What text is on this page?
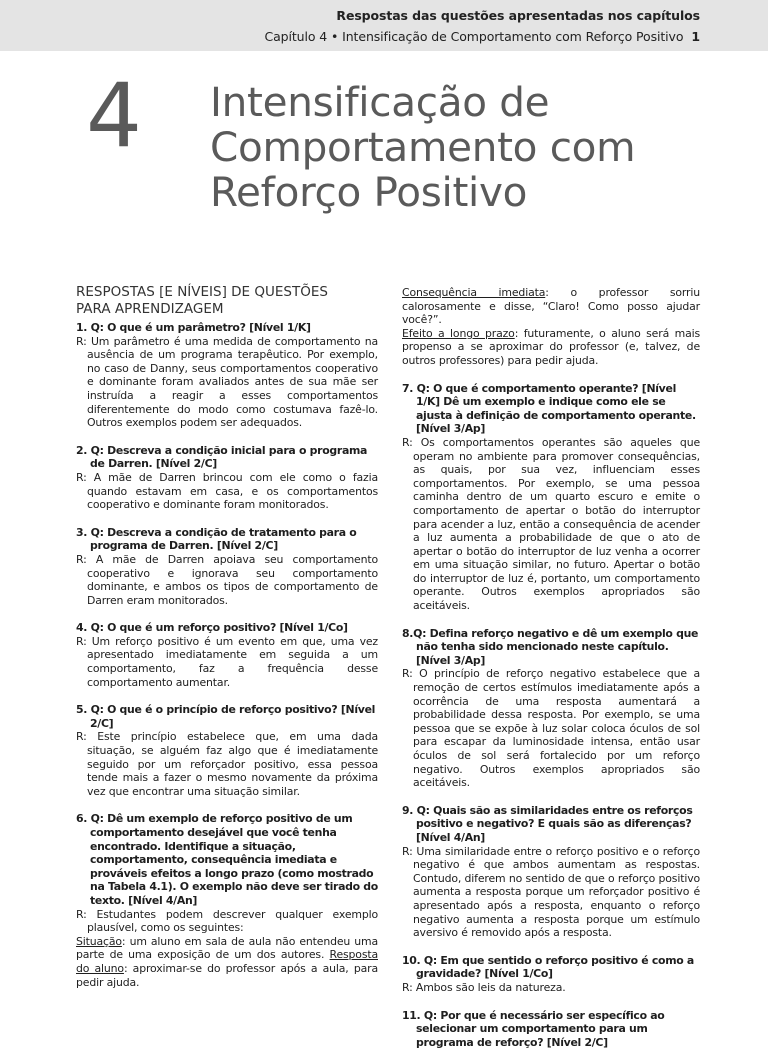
Respostas das questões apresentadas nos capítulos
Capítulo 4 • Intensificação de Comportamento com Reforço Positivo 1
4 Intensificação de
Comportamento com
Reforço Positivo
RESPOSTAS [E NÍVEIS] DE QUESTÕES
PARA APRENDIZAGEM

1. Q: O que é um parâmetro? [Nível 1/K]

R: Um parâmetro é uma medida de comportamento na ausência de um programa terapêutico. Por exemplo, no caso de Danny, seus comportamentos cooperativo e dominante foram avaliados antes de sua mãe ser instruída a reagir a esses comportamentos diferentemente do modo como costumava fazê-lo. Outros exemplos podem ser adequados.

2. Q: Descreva a condição inicial para o programa de Darren. [Nível 2/C]

R: A mãe de Darren brincou com ele como o fazia quando estavam em casa, e os comportamentos cooperativo e dominante foram monitorados.

3. Q: Descreva a condição de tratamento para o programa de Darren. [Nível 2/C]

R: A mãe de Darren apoiava seu comportamento cooperativo e ignorava seu comportamento dominante, e ambos os tipos de comportamento de Darren eram monitorados.

4. Q: O que é um reforço positivo? [Nível 1/Co]

R: Um reforço positivo é um evento em que, uma vez apresentado imediatamente em seguida a um comportamento, faz a frequência desse comportamento aumentar.

5. Q: O que é o princípio de reforço positivo? [Nível 2/C]

R: Este princípio estabelece que, em uma dada situação, se alguém faz algo que é imediatamente seguido por um reforçador positivo, essa pessoa tende mais a fazer o mesmo novamente da próxima vez que encontrar uma situação similar.

6. Q: Dê um exemplo de reforço positivo de um comportamento desejável que você tenha encontrado. Identifique a situação, comportamento, consequência imediata e prováveis efeitos a longo prazo (como mostrado na Tabela 4.1). O exemplo não deve ser tirado do texto. [Nível 4/An]

R: Estudantes podem descrever qualquer exemplo plausível, como os seguintes:

Situação: um aluno em sala de aula não entendeu uma parte de uma exposição de um dos autores. Resposta do aluno: aproximar-se do professor após a aula, para pedir ajuda.

Consequência imediata: o professor sorriu calorosamente e disse, “Claro! Como posso ajudar você?”.

Efeito a longo prazo: futuramente, o aluno será mais propenso a se aproximar do professor (e, talvez, de outros professores) para pedir ajuda.

7. Q: O que é comportamento operante? [Nível 1/K] Dê um exemplo e indique como ele se ajusta à definição de comportamento operante. [Nível 3/Ap]

R: Os comportamentos operantes são aqueles que operam no ambiente para promover consequências, as quais, por sua vez, influenciam esses comportamentos. Por exemplo, se uma pessoa caminha dentro de um quarto escuro e emite o comportamento de apertar o botão do interruptor para acender a luz, então a consequência de acender a luz aumenta a probabilidade de que o ato de apertar o botão do interruptor de luz venha a ocorrer em uma situação similar, no futuro. Apertar o botão do interruptor de luz é, portanto, um comportamento operante. Outros exemplos apropriados são aceitáveis.

8.Q: Defina reforço negativo e dê um exemplo que não tenha sido mencionado neste capítulo. [Nível 3/Ap]

R: O princípio de reforço negativo estabelece que a remoção de certos estímulos imediatamente após a ocorrência de uma resposta aumentará a probabilidade dessa resposta. Por exemplo, se uma pessoa que se expõe à luz solar coloca óculos de sol para escapar da luminosidade intensa, então usar óculos de sol será fortalecido por um reforço negativo. Outros exemplos apropriados são aceitáveis.

9. Q: Quais são as similaridades entre os reforços positivo e negativo? E quais são as diferenças? [Nível 4/An]

R: Uma similaridade entre o reforço positivo e o reforço negativo é que ambos aumentam as respostas. Contudo, diferem no sentido de que o reforço positivo aumenta a resposta porque um reforçador positivo é apresentado após a resposta, enquanto o reforço negativo aumenta a resposta porque um estímulo aversivo é removido após a resposta.

10. Q: Em que sentido o reforço positivo é como a gravidade? [Nível 1/Co]

R: Ambos são leis da natureza.

11. Q: Por que é necessário ser específico ao selecionar um comportamento para um programa de reforço? [Nível 2/C]
